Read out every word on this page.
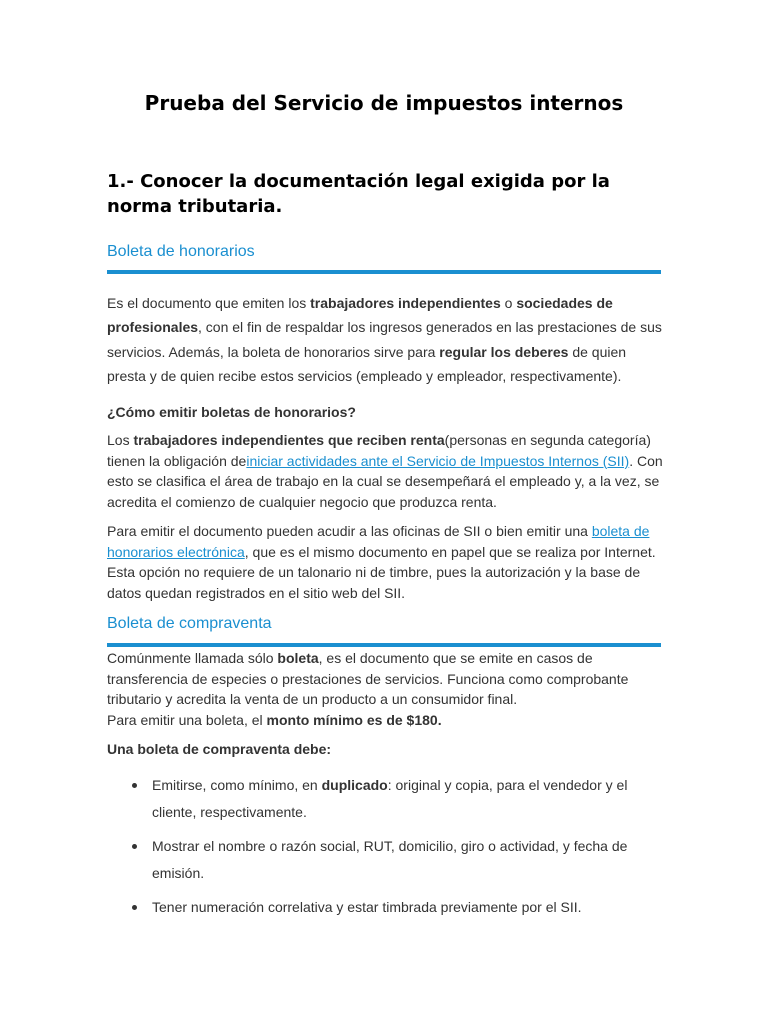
Prueba del Servicio de impuestos internos
1.- Conocer la documentación legal exigida por la norma tributaria.
Boleta de honorarios

Es el documento que emiten los trabajadores independientes o sociedades de profesionales, con el fin de respaldar los ingresos generados en las prestaciones de sus servicios. Además, la boleta de honorarios sirve para regular los deberes de quien presta y de quien recibe estos servicios (empleado y empleador, respectivamente).

¿Cómo emitir boletas de honorarios?

Los trabajadores independientes que reciben renta(personas en segunda categoría) tienen la obligación deiniciar actividades ante el Servicio de Impuestos Internos (SII). Con esto se clasifica el área de trabajo en la cual se desempeñará el empleado y, a la vez, se acredita el comienzo de cualquier negocio que produzca renta.

Para emitir el documento pueden acudir a las oficinas de SII o bien emitir una boleta de honorarios electrónica, que es el mismo documento en papel que se realiza por Internet. Esta opción no requiere de un talonario ni de timbre, pues la autorización y la base de datos quedan registrados en el sitio web del SII.

Boleta de compraventa

Comúnmente llamada sólo boleta, es el documento que se emite en casos de transferencia de especies o prestaciones de servicios. Funciona como comprobante tributario y acredita la venta de un producto a un consumidor final.
Para emitir una boleta, el monto mínimo es de $180.

Una boleta de compraventa debe:

Emitirse, como mínimo, en duplicado: original y copia, para el vendedor y el cliente, respectivamente.
Mostrar el nombre o razón social, RUT, domicilio, giro o actividad, y fecha de emisión.
Tener numeración correlativa y estar timbrada previamente por el SII.
